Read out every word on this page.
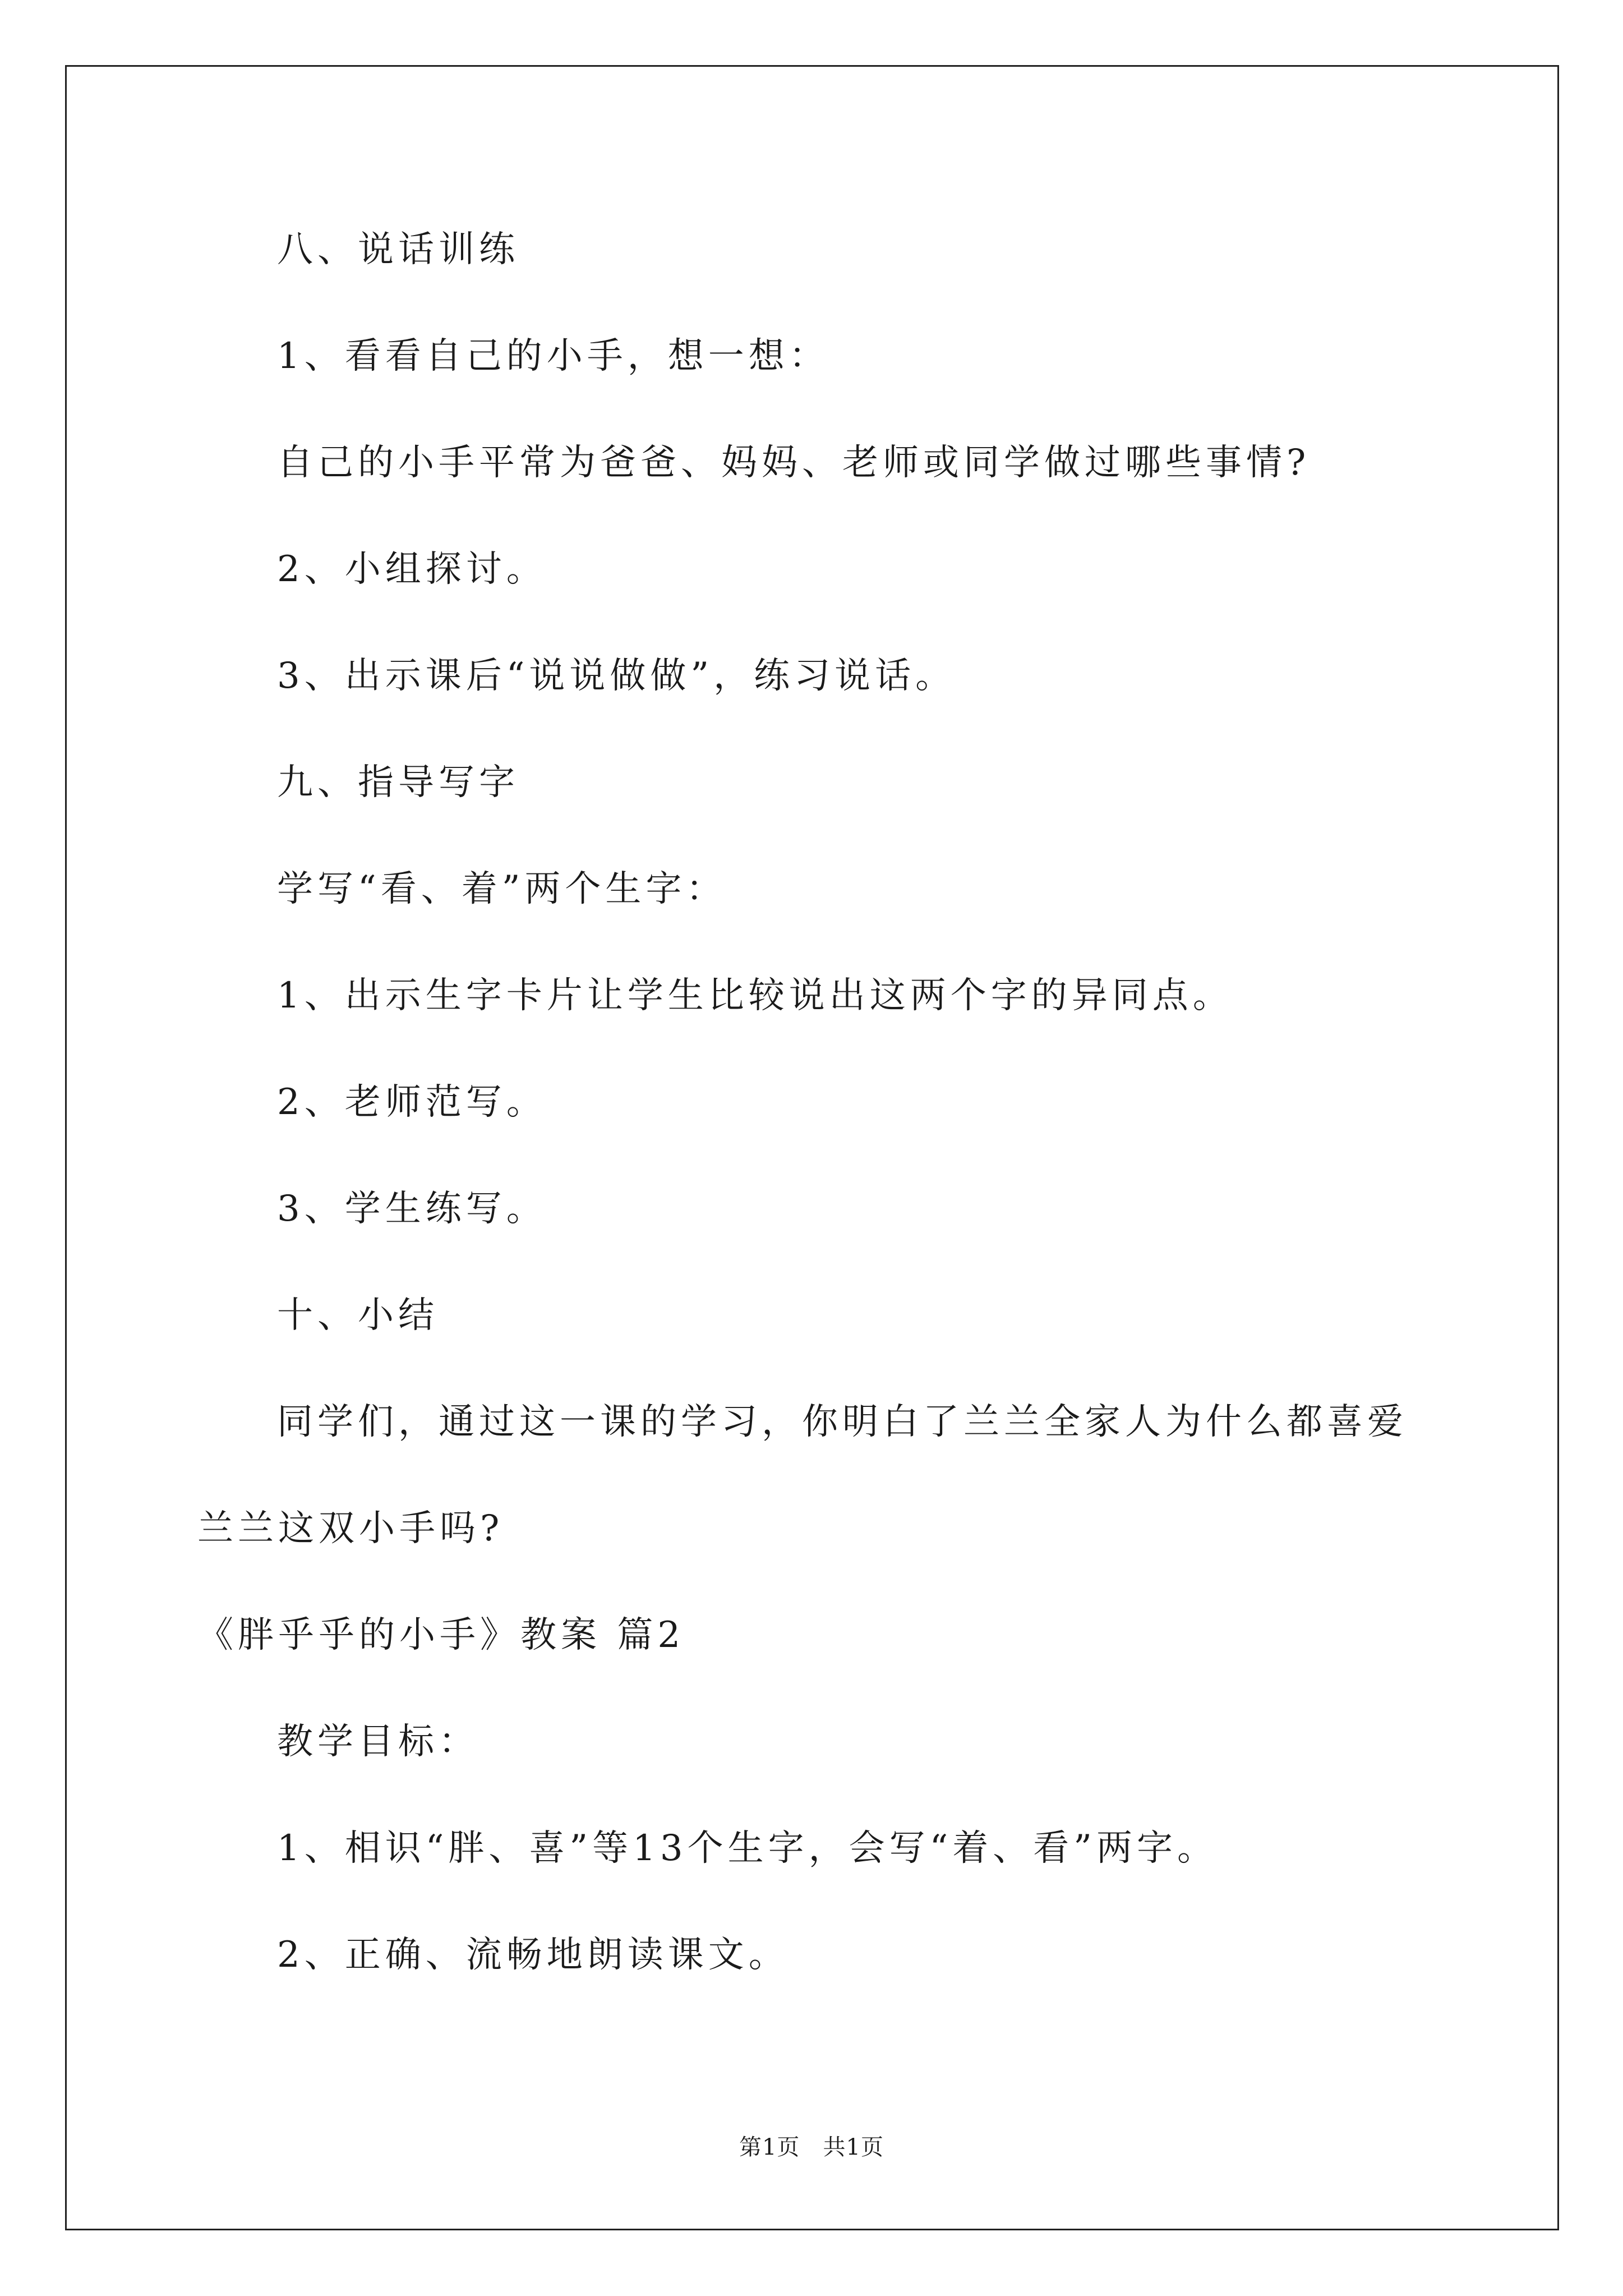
八、说话训练
1、看看自己的小手，想一想：
自己的小手平常为爸爸、妈妈、老师或同学做过哪些事情?
2、小组探讨。
3、出示课后“说说做做”，练习说话。
九、指导写字
学写“看、着”两个生字：
1、出示生字卡片让学生比较说出这两个字的异同点。
2、老师范写。
3、学生练写。
十、小结
同学们，通过这一课的学习，你明白了兰兰全家人为什么都喜爱
兰兰这双小手吗?
《胖乎乎的小手》教案 篇2
教学目标：
1、相识“胖、喜”等13个生字，会写“着、看”两字。
2、正确、流畅地朗读课文。
第1页   共1页
